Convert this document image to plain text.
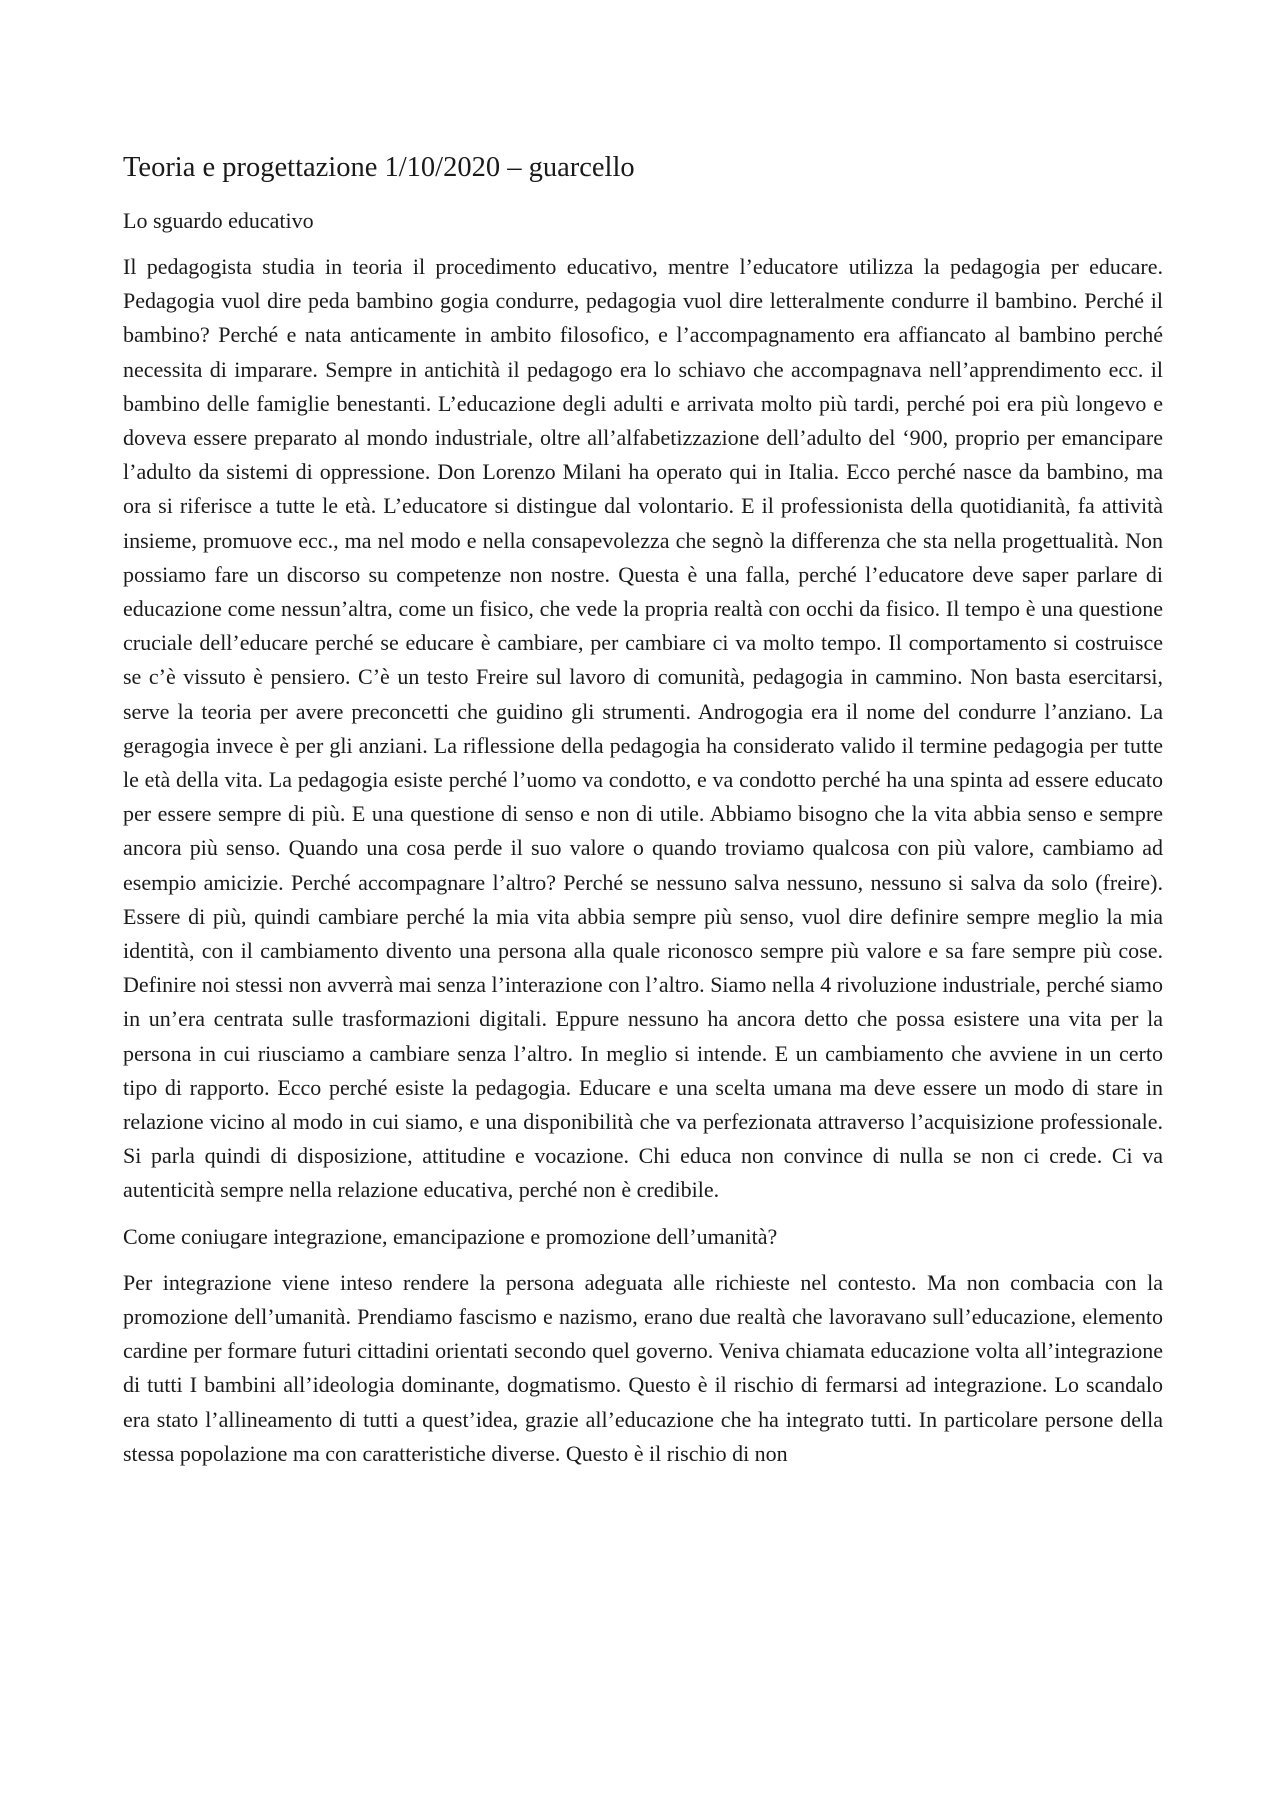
Teoria e progettazione 1/10/2020 – guarcello
Lo sguardo educativo

Il pedagogista studia in teoria il procedimento educativo, mentre l’educatore utilizza la pedagogia per educare. Pedagogia vuol dire peda bambino gogia condurre, pedagogia vuol dire letteralmente condurre il bambino. Perché il bambino? Perché e nata anticamente in ambito filosofico, e l’accompagnamento era affiancato al bambino perché necessita di imparare. Sempre in antichità il pedagogo era lo schiavo che accompagnava nell’apprendimento ecc. il bambino delle famiglie benestanti. L’educazione degli adulti e arrivata molto più tardi, perché poi era più longevo e doveva essere preparato al mondo industriale, oltre all’alfabetizzazione dell’adulto del ‘900, proprio per emancipare l’adulto da sistemi di oppressione. Don Lorenzo Milani ha operato qui in Italia. Ecco perché nasce da bambino, ma ora si riferisce a tutte le età. L’educatore si distingue dal volontario. E il professionista della quotidianità, fa attività insieme, promuove ecc., ma nel modo e nella consapevolezza che segnò la differenza che sta nella progettualità. Non possiamo fare un discorso su competenze non nostre. Questa è una falla, perché l’educatore deve saper parlare di educazione come nessun’altra, come un fisico, che vede la propria realtà con occhi da fisico. Il tempo è una questione cruciale dell’educare perché se educare è cambiare, per cambiare ci va molto tempo. Il comportamento si costruisce se c’è vissuto è pensiero. C’è un testo Freire sul lavoro di comunità, pedagogia in cammino. Non basta esercitarsi, serve la teoria per avere preconcetti che guidino gli strumenti. Androgogia era il nome del condurre l’anziano. La geragogia invece è per gli anziani. La riflessione della pedagogia ha considerato valido il termine pedagogia per tutte le età della vita. La pedagogia esiste perché l’uomo va condotto, e va condotto perché ha una spinta ad essere educato per essere sempre di più. E una questione di senso e non di utile. Abbiamo bisogno che la vita abbia senso e sempre ancora più senso. Quando una cosa perde il suo valore o quando troviamo qualcosa con più valore, cambiamo ad esempio amicizie. Perché accompagnare l’altro? Perché se nessuno salva nessuno, nessuno si salva da solo (freire). Essere di più, quindi cambiare perché la mia vita abbia sempre più senso, vuol dire definire sempre meglio la mia identità, con il cambiamento divento una persona alla quale riconosco sempre più valore e sa fare sempre più cose. Definire noi stessi non avverrà mai senza l’interazione con l’altro. Siamo nella 4 rivoluzione industriale, perché siamo in un’era centrata sulle trasformazioni digitali. Eppure nessuno ha ancora detto che possa esistere una vita per la persona in cui riusciamo a cambiare senza l’altro. In meglio si intende. E un cambiamento che avviene in un certo tipo di rapporto. Ecco perché esiste la pedagogia. Educare e una scelta umana ma deve essere un modo di stare in relazione vicino al modo in cui siamo, e una disponibilità che va perfezionata attraverso l’acquisizione professionale. Si parla quindi di disposizione, attitudine e vocazione. Chi educa non convince di nulla se non ci crede. Ci va autenticità sempre nella relazione educativa, perché non è credibile.

Come coniugare integrazione, emancipazione e promozione dell’umanità?

Per integrazione viene inteso rendere la persona adeguata alle richieste nel contesto. Ma non combacia con la promozione dell’umanità. Prendiamo fascismo e nazismo, erano due realtà che lavoravano sull’educazione, elemento cardine per formare futuri cittadini orientati secondo quel governo. Veniva chiamata educazione volta all’integrazione di tutti I bambini all’ideologia dominante, dogmatismo. Questo è il rischio di fermarsi ad integrazione. Lo scandalo era stato l’allineamento di tutti a quest’idea, grazie all’educazione che ha integrato tutti. In particolare persone della stessa popolazione ma con caratteristiche diverse. Questo è il rischio di non
